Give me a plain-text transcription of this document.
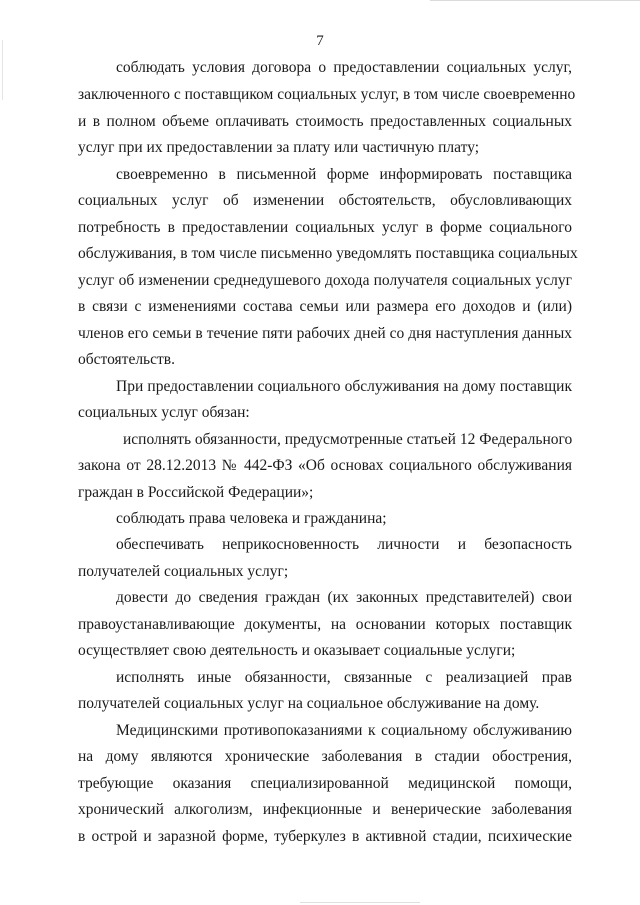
7
соблюдать условия договора о предоставлении социальных услуг,
заключенного с поставщиком социальных услуг, в том числе своевременно
и в полном объеме оплачивать стоимость предоставленных социальных
услуг при их предоставлении за плату или частичную плату;
своевременно в письменной форме информировать поставщика
социальных услуг об изменении обстоятельств, обусловливающих
потребность в предоставлении социальных услуг в форме социального
обслуживания, в том числе письменно уведомлять поставщика социальных
услуг об изменении среднедушевого дохода получателя социальных услуг
в связи с изменениями состава семьи или размера его доходов и (или)
членов его семьи в течение пяти рабочих дней со дня наступления данных
обстоятельств.
При предоставлении социального обслуживания на дому поставщик
социальных услуг обязан:
исполнять обязанности, предусмотренные статьей 12 Федерального
закона от 28.12.2013 № 442-ФЗ «Об основах социального обслуживания
граждан в Российской Федерации»;
соблюдать права человека и гражданина;
обеспечивать неприкосновенность личности и безопасность
получателей социальных услуг;
довести до сведения граждан (их законных представителей) свои
правоустанавливающие документы, на основании которых поставщик
осуществляет свою деятельность и оказывает социальные услуги;
исполнять иные обязанности, связанные с реализацией прав
получателей социальных услуг на социальное обслуживание на дому.
Медицинскими противопоказаниями к социальному обслуживанию
на дому являются хронические заболевания в стадии обострения,
требующие оказания специализированной медицинской помощи,
хронический алкоголизм, инфекционные и венерические заболевания
в острой и заразной форме, туберкулез в активной стадии, психические
